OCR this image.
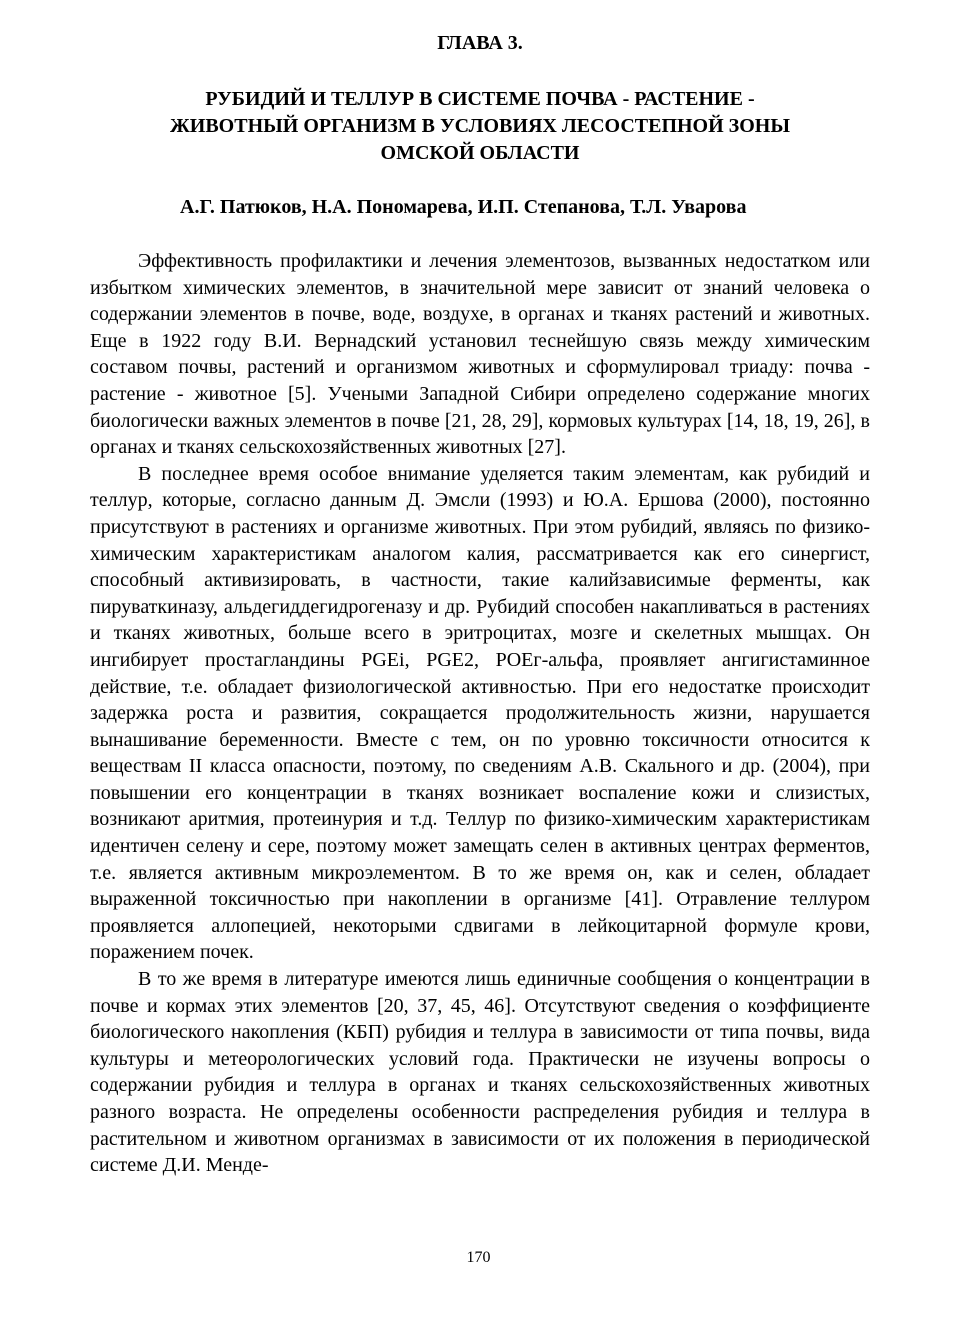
ГЛАВА 3.
РУБИДИЙ И ТЕЛЛУР В СИСТЕМЕ ПОЧВА - РАСТЕНИЕ -
ЖИВОТНЫЙ ОРГАНИЗМ В УСЛОВИЯХ ЛЕСОСТЕПНОЙ ЗОНЫ
ОМСКОЙ ОБЛАСТИ
А.Г. Патюков, Н.А. Пономарева, И.П. Степанова, Т.Л. Уварова

Эффективность профилактики и лечения элементозов, вызванных недостатком или избытком химических элементов, в значительной мере зависит от знаний человека о содержании элементов в почве, воде, воздухе, в органах и тканях растений и животных. Еще в 1922 году В.И. Вернадский установил теснейшую связь между химическим составом почвы, растений и организмом животных и сформулировал триаду: почва - растение - животное [5]. Учеными Западной Сибири определено содержание многих биологически важных элементов в почве [21, 28, 29], кормовых культурах [14, 18, 19, 26], в органах и тканях сельскохозяйственных животных [27].

В последнее время особое внимание уделяется таким элементам, как рубидий и теллур, которые, согласно данным Д. Эмсли (1993) и Ю.А. Ершова (2000), постоянно присутствуют в растениях и организме животных. При этом рубидий, являясь по физико-химическим характеристикам аналогом калия, рассматривается как его синергист, способный активизировать, в частности, такие калийзависимые ферменты, как пируваткиназу, альдегиддегидрогеназу и др. Рубидий способен накапливаться в растениях и тканях животных, больше всего в эритроцитах, мозге и скелетных мышцах. Он ингибирует простагландины PGEi, PGE2, POEг-альфа, проявляет ангигистаминное действие, т.е. обладает физиологической активностью. При его недостатке происходит задержка роста и развития, сокращается продолжительность жизни, нарушается вынашивание беременности. Вместе с тем, он по уровню токсичности относится к веществам II класса опасности, поэтому, по сведениям А.В. Скального и др. (2004), при повышении его концентрации в тканях возникает воспаление кожи и слизистых, возникают аритмия, протеинурия и т.д. Теллур по физико-химическим характеристикам идентичен селену и сере, поэтому может замещать селен в активных центрах ферментов, т.е. является активным микроэлементом. В то же время он, как и селен, обладает выраженной токсичностью при накоплении в организме [41]. Отравление теллуром проявляется аллопецией, некоторыми сдвигами в лейкоцитарной формуле крови, поражением почек.

В то же время в литературе имеются лишь единичные сообщения о концентрации в почве и кормах этих элементов [20, 37, 45, 46]. Отсутствуют сведения о коэффициенте биологического накопления (КБП) рубидия и теллура в зависимости от типа почвы, вида культуры и метеорологических условий года. Практически не изучены вопросы о содержании рубидия и теллура в органах и тканях сельскохозяйственных животных разного возраста. Не определены особенности распределения рубидия и теллура в растительном и животном организмах в зависимости от их положения в периодической системе Д.И. Менде-

170
